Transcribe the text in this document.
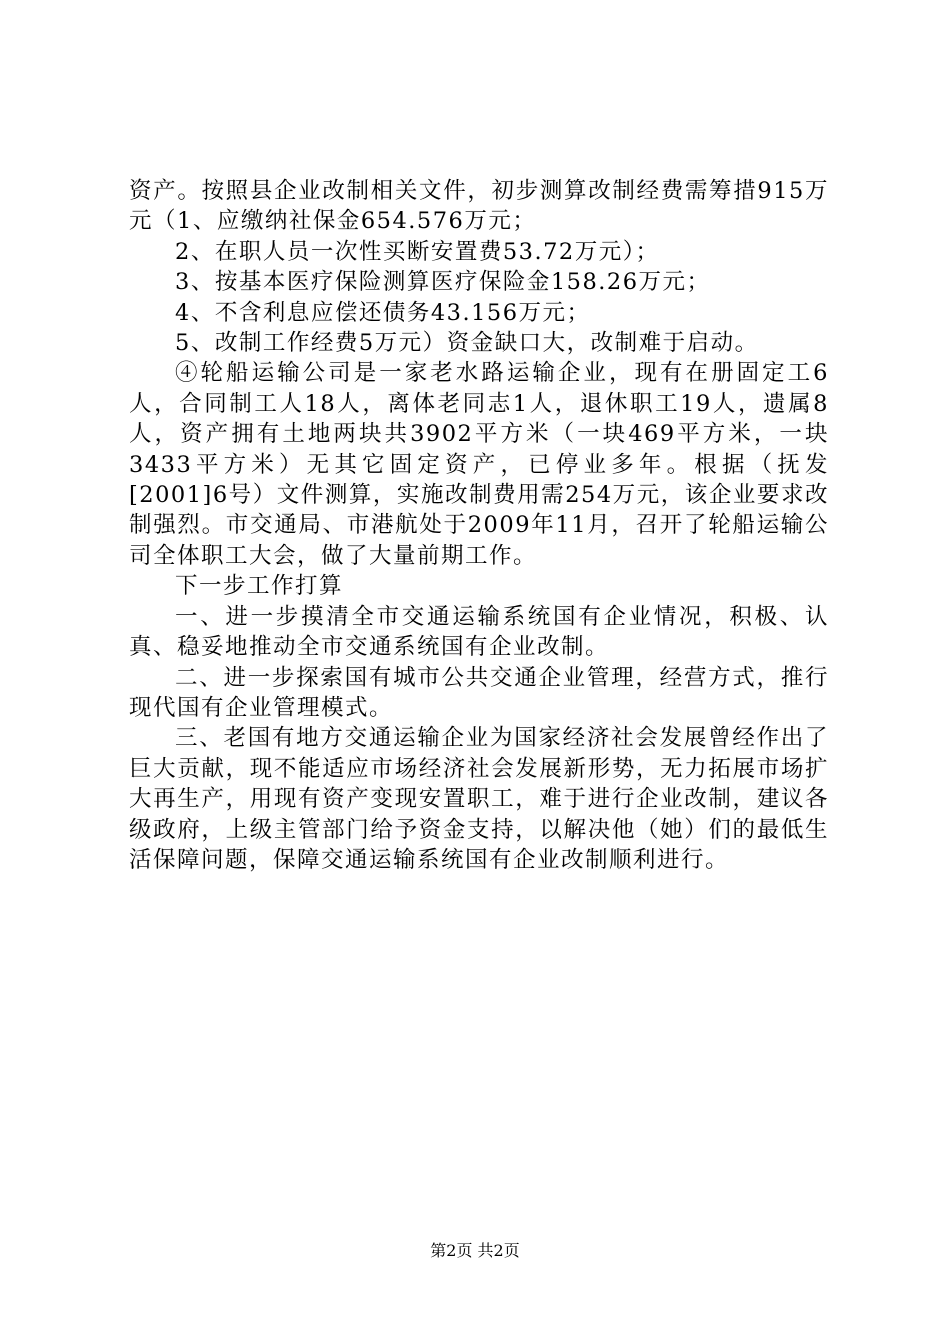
资产。按照县企业改制相关文件，初步测算改制经费需筹措915万元（1、应缴纳社保金654.576万元；

2、在职人员一次性买断安置费53.72万元）；

3、按基本医疗保险测算医疗保险金158.26万元；

4、不含利息应偿还债务43.156万元；

5、改制工作经费5万元）资金缺口大，改制难于启动。

④轮船运输公司是一家老水路运输企业，现有在册固定工6人，合同制工人18人，离体老同志1人，退休职工19人，遗属8人，资产拥有土地两块共3902平方米（一块469平方米，一块3433平方米）无其它固定资产，已停业多年。根据（抚发[2001]6号）文件测算，实施改制费用需254万元，该企业要求改制强烈。市交通局、市港航处于2009年11月，召开了轮船运输公司全体职工大会，做了大量前期工作。

下一步工作打算

一、进一步摸清全市交通运输系统国有企业情况，积极、认真、稳妥地推动全市交通系统国有企业改制。

二、进一步探索国有城市公共交通企业管理，经营方式，推行现代国有企业管理模式。

三、老国有地方交通运输企业为国家经济社会发展曾经作出了巨大贡献，现不能适应市场经济社会发展新形势，无力拓展市场扩大再生产，用现有资产变现安置职工，难于进行企业改制，建议各级政府，上级主管部门给予资金支持，以解决他（她）们的最低生活保障问题，保障交通运输系统国有企业改制顺利进行。

第2页 共2页
